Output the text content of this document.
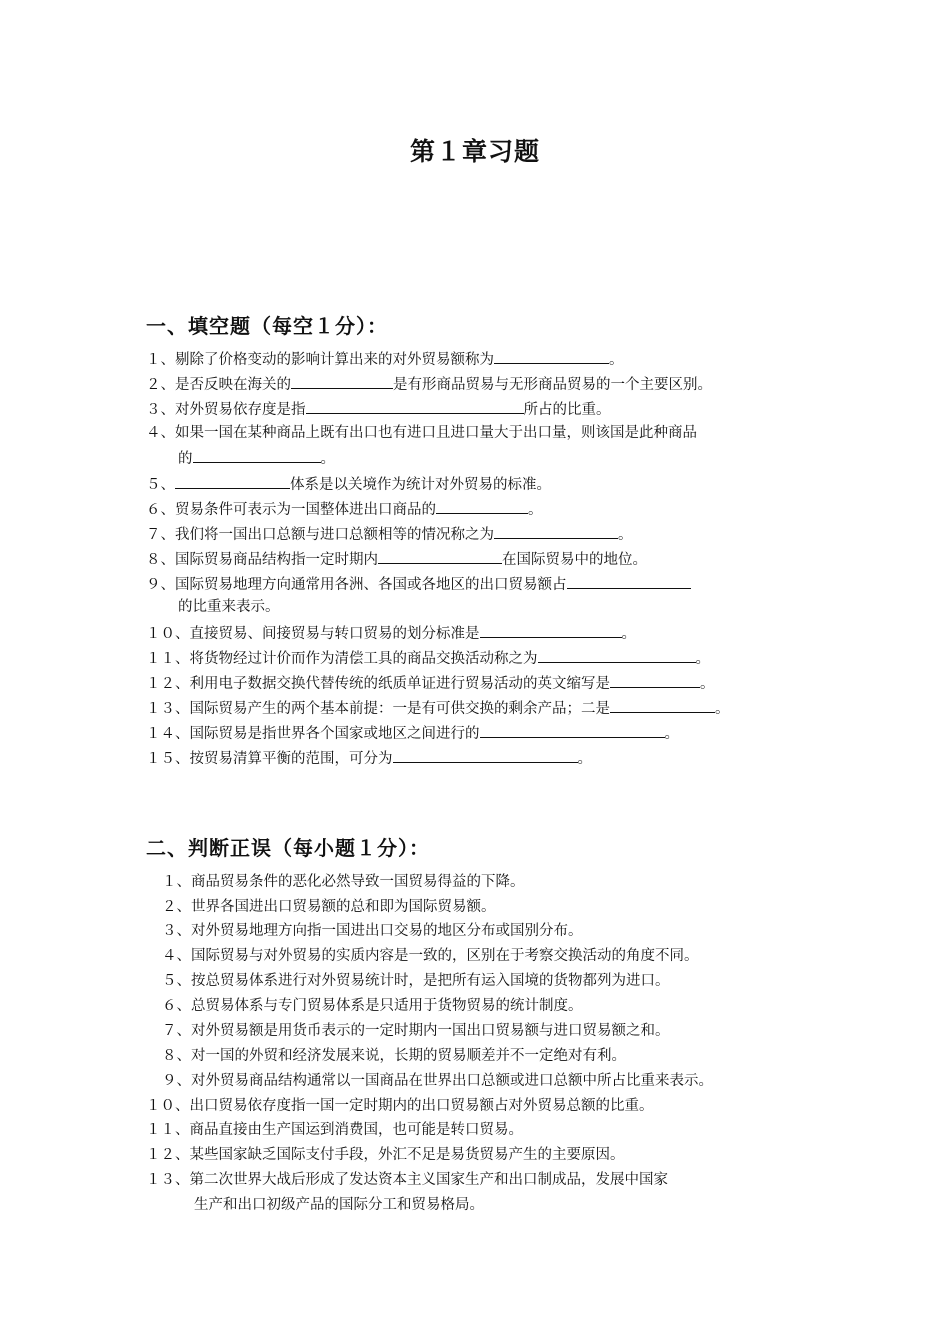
第１章习题
一、填空题（每空１分）：
１、剔除了价格变动的影响计算出来的对外贸易额称为	。
２、是否反映在海关的	是有形商品贸易与无形商品贸易的一个主要区别。
３、对外贸易依存度是指	所占的比重。
４、如果一国在某种商品上既有出口也有进口且进口量大于出口量，则该国是此种商品
的	。
５、	体系是以关境作为统计对外贸易的标准。
６、贸易条件可表示为一国整体进出口商品的	。
７、我们将一国出口总额与进口总额相等的情况称之为	。
８、国际贸易商品结构指一定时期内	在国际贸易中的地位。
９、国际贸易地理方向通常用各洲、各国或各地区的出口贸易额占
的比重来表示。
１０、直接贸易、间接贸易与转口贸易的划分标准是	。
１１、将货物经过计价而作为清偿工具的商品交换活动称之为	。
１２、利用电子数据交换代替传统的纸质单证进行贸易活动的英文缩写是	。
１３、国际贸易产生的两个基本前提：一是有可供交换的剩余产品；二是	。
１４、国际贸易是指世界各个国家或地区之间进行的	。
１５、按贸易清算平衡的范围，可分为	。
二、判断正误（每小题１分）：
１、商品贸易条件的恶化必然导致一国贸易得益的下降。
２、世界各国进出口贸易额的总和即为国际贸易额。
３、对外贸易地理方向指一国进出口交易的地区分布或国别分布。
４、国际贸易与对外贸易的实质内容是一致的，区别在于考察交换活动的角度不同。
５、按总贸易体系进行对外贸易统计时，是把所有运入国境的货物都列为进口。
６、总贸易体系与专门贸易体系是只适用于货物贸易的统计制度。
７、对外贸易额是用货币表示的一定时期内一国出口贸易额与进口贸易额之和。
８、对一国的外贸和经济发展来说，长期的贸易顺差并不一定绝对有利。
９、对外贸易商品结构通常以一国商品在世界出口总额或进口总额中所占比重来表示。
１０、出口贸易依存度指一国一定时期内的出口贸易额占对外贸易总额的比重。
１１、商品直接由生产国运到消费国，也可能是转口贸易。
１２、某些国家缺乏国际支付手段，外汇不足是易货贸易产生的主要原因。
１３、第二次世界大战后形成了发达资本主义国家生产和出口制成品，发展中国家
生产和出口初级产品的国际分工和贸易格局。
